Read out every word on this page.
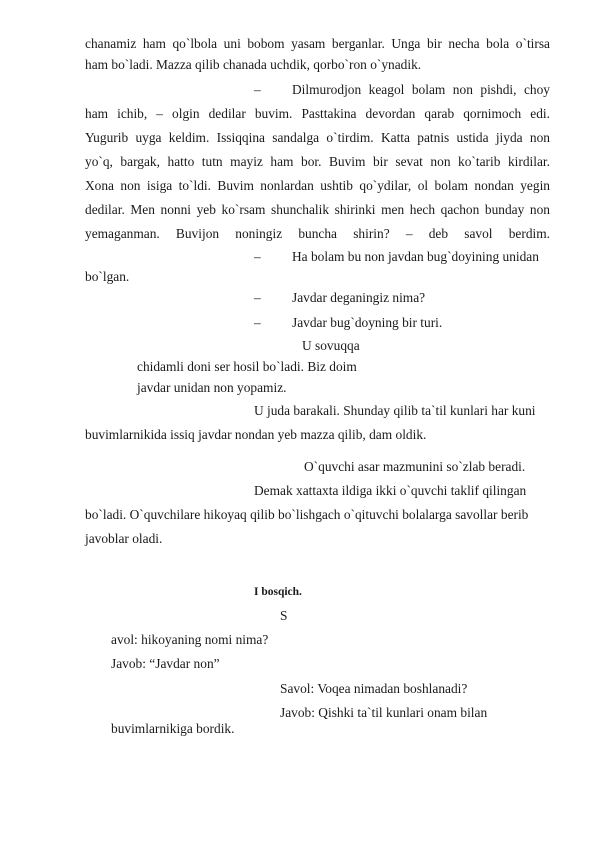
chanamiz ham qo`lbola uni bobom yasam berganlar. Unga bir necha bola o`tirsa
ham bo`ladi. Mazza qilib chanada uchdik, qorbo`ron o`ynadik.
– Dilmurodjon keagol bolam non pishdi, choy
ham ichib, – olgin dedilar buvim. Pasttakina devordan qarab qornimoch edi.
Yugurib uyga keldim. Issiqqina sandalga o`tirdim. Katta patnis ustida jiyda non
yo`q, bargak, hatto tutn mayiz ham bor. Buvim bir sevat non ko`tarib kirdilar.
Xona non isiga to`ldi. Buvim nonlardan ushtib qo`ydilar, ol bolam nondan yegin
dedilar. Men nonni yeb ko`rsam shunchalik shirinki men hech qachon bunday non
yemaganman. Buvijon noningiz buncha shirin? – deb savol berdim.
– Ha bolam bu non javdan bug`doyining unidan
bo`lgan.
– Javdar deganingiz nima?
– Javdar bug`doyning bir turi.
U sovuqqa
chidamli doni ser hosil bo`ladi. Biz doim
javdar unidan non yopamiz.
U juda barakali. Shunday qilib ta`til kunlari har kuni
buvimlarnikida issiq javdar nondan yeb mazza qilib, dam oldik.
O`quvchi asar mazmunini so`zlab beradi.
Demak xattaxta ildiga ikki o`quvchi taklif qilingan
bo`ladi. O`quvchilare hikoyaq qilib bo`lishgach o`qituvchi bolalarga savollar berib
javoblar oladi.
I bosqich.
S
avol: hikoyaning nomi nima?
Javob: “Javdar non”
Savol: Voqea nimadan boshlanadi?
Javob: Qishki ta`til kunlari onam bilan
buvimlarnikiga bordik.
